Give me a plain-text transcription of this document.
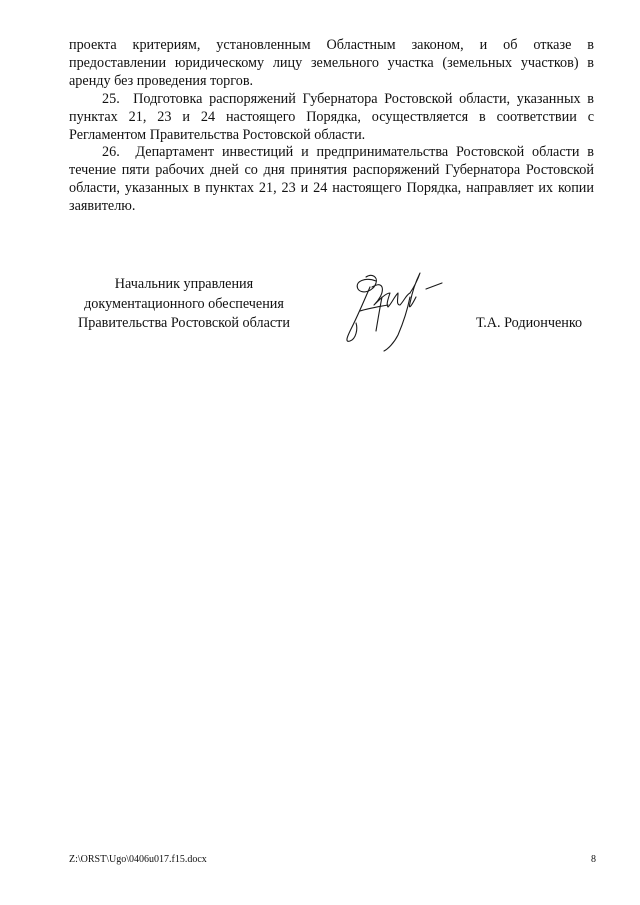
проекта критериям, установленным Областным законом, и об отказе в предоставлении юридическому лицу земельного участка (земельных участков) в аренду без проведения торгов.

25.  Подготовка распоряжений Губернатора Ростовской области, указанных в пунктах 21, 23 и 24 настоящего Порядка, осуществляется в соответствии с Регламентом Правительства Ростовской области.

26.  Департамент инвестиций и предпринимательства Ростовской области в течение пяти рабочих дней со дня принятия распоряжений Губернатора Ростовской области, указанных в пунктах 21, 23 и 24 настоящего Порядка, направляет их копии заявителю.

Начальник управления
документационного обеспечения
Правительства Ростовской области	Т.А. Родионченко
Z:\ORST\Ugo\0406u017.f15.docx	8
